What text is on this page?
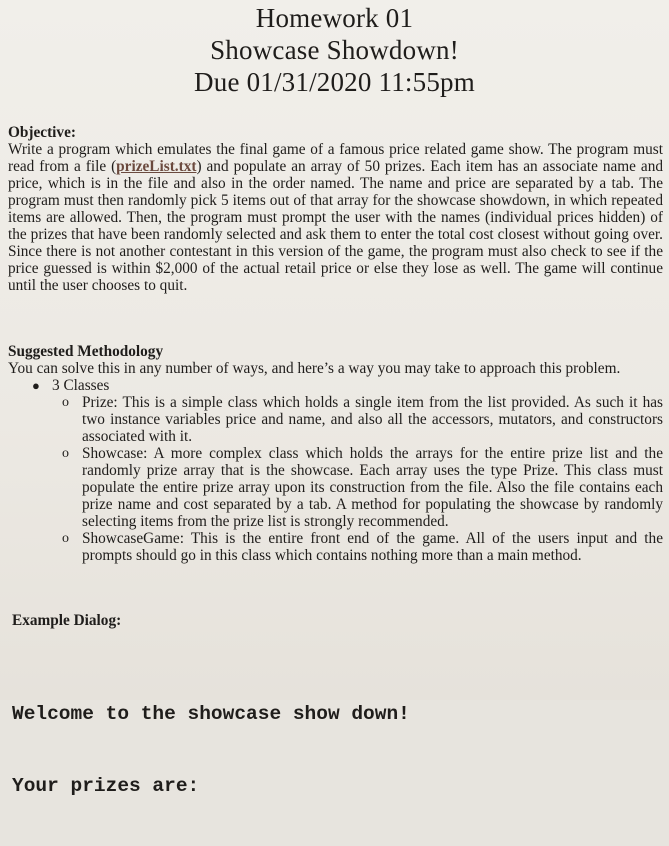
Homework 01
Showcase Showdown!
Due 01/31/2020 11:55pm
Objective:

Write a program which emulates the final game of a famous price related game show. The program must read from a file (prizeList.txt) and populate an array of 50 prizes. Each item has an associate name and price, which is in the file and also in the order named. The name and price are separated by a tab. The program must then randomly pick 5 items out of that array for the showcase showdown, in which repeated items are allowed. Then, the program must prompt the user with the names (individual prices hidden) of the prizes that have been randomly selected and ask them to enter the total cost closest without going over. Since there is not another contestant in this version of the game, the program must also check to see if the price guessed is within $2,000 of the actual retail price or else they lose as well. The game will continue until the user chooses to quit.

Suggested Methodology

You can solve this in any number of ways, and here’s a way you may take to approach this problem.

● 3 Classes
o Prize: This is a simple class which holds a single item from the list provided. As such it has two instance variables price and name, and also all the accessors, mutators, and constructors associated with it.
o Showcase: A more complex class which holds the arrays for the entire prize list and the randomly prize array that is the showcase. Each array uses the type Prize. This class must populate the entire prize array upon its construction from the file. Also the file contains each prize name and cost separated by a tab. A method for populating the showcase by randomly selecting items from the prize list is strongly recommended.
o ShowcaseGame: This is the entire front end of the game. All of the users input and the prompts should go in this class which contains nothing more than a main method.
Example Dialog:

Welcome to the showcase show down!

Your prizes are:
